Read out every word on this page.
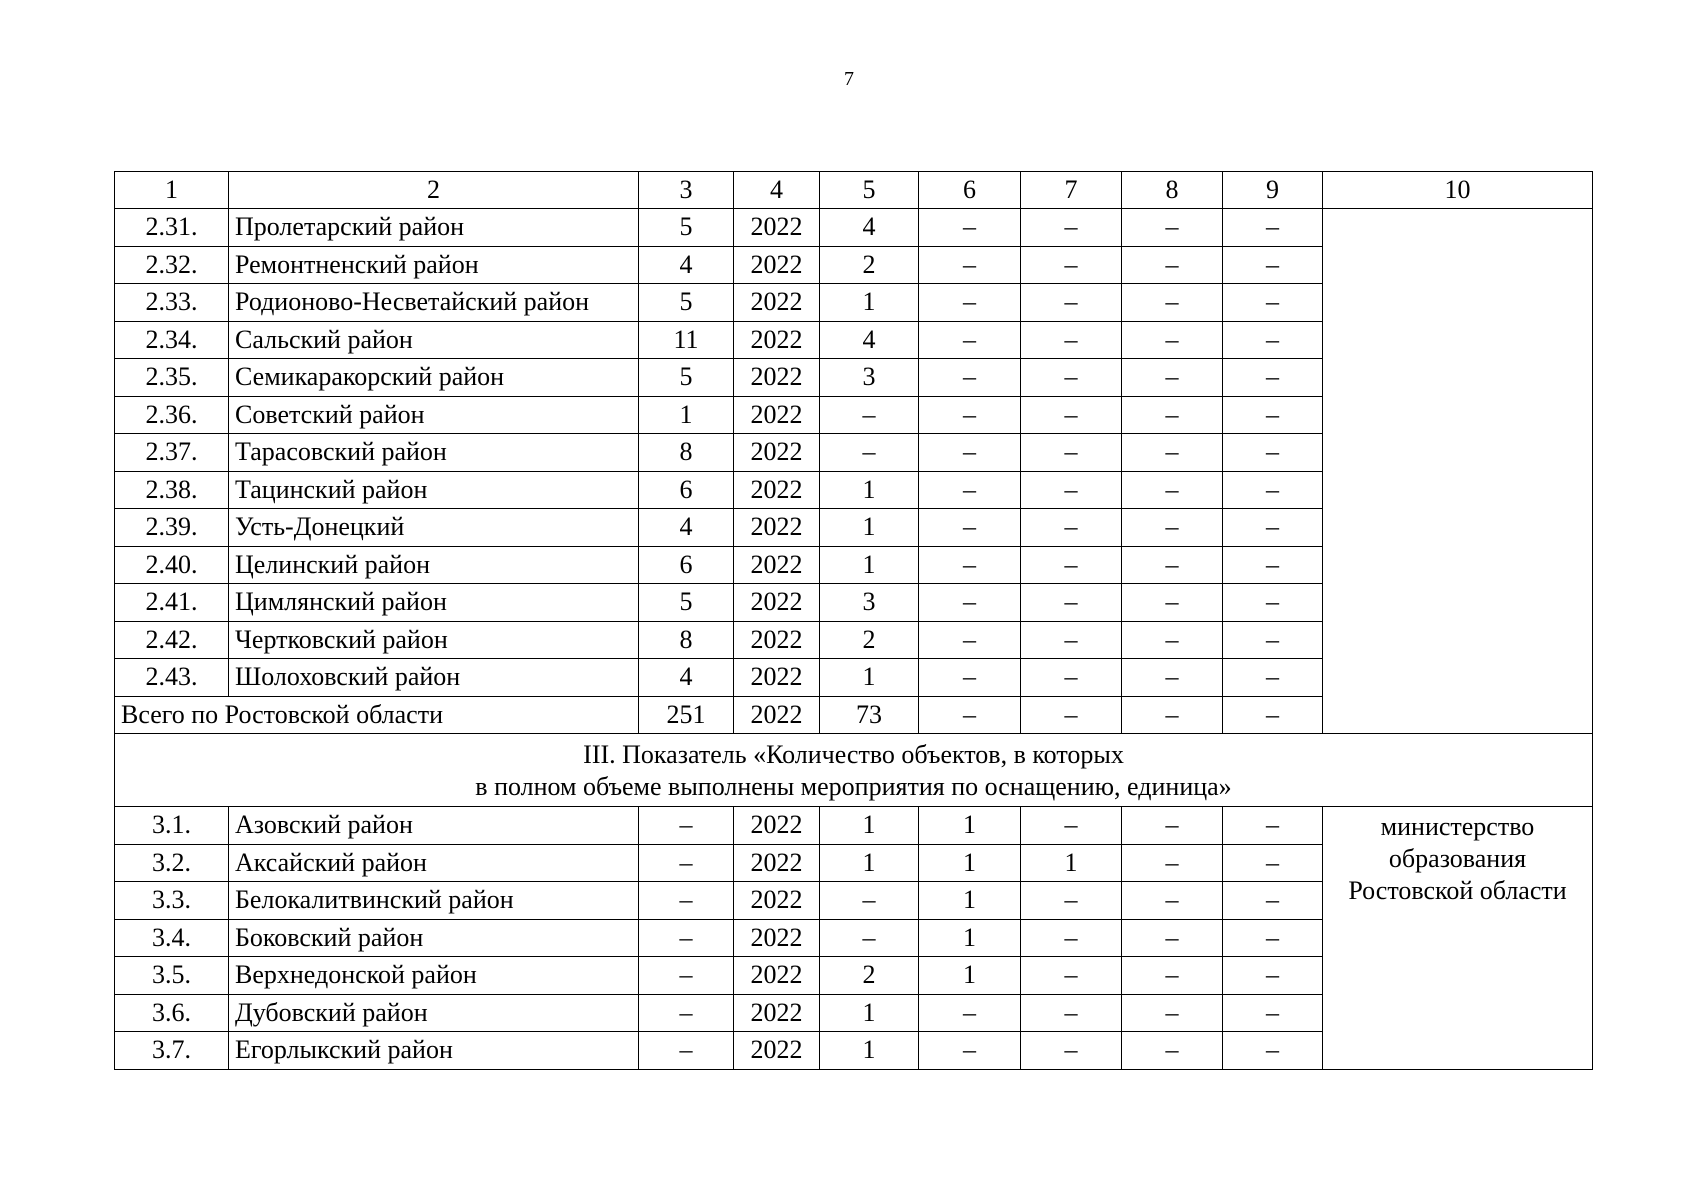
7
1	2	3	4	5	6	7	8	9	10
2.31.	Пролетарский район	5	2022	4	–	–	–	–	
2.32.	Ремонтненский район	4	2022	2	–	–	–	–	
2.33.	Родионово-Несветайский район	5	2022	1	–	–	–	–	
2.34.	Сальский район	11	2022	4	–	–	–	–	
2.35.	Семикаракорский район	5	2022	3	–	–	–	–	
2.36.	Советский район	1	2022	–	–	–	–	–	
2.37.	Тарасовский район	8	2022	–	–	–	–	–	
2.38.	Тацинский район	6	2022	1	–	–	–	–	
2.39.	Усть-Донецкий	4	2022	1	–	–	–	–	
2.40.	Целинский район	6	2022	1	–	–	–	–	
2.41.	Цимлянский район	5	2022	3	–	–	–	–	
2.42.	Чертковский район	8	2022	2	–	–	–	–	
2.43.	Шолоховский район	4	2022	1	–	–	–	–	
Всего по Ростовской области		251	2022	73	–	–	–	–	

III. Показатель «Количество объектов, в которых
в полном объеме выполнены мероприятия по оснащению, единица»									

3.1.	Азовский район	–	2022	1	1	–	–	–	министерство образования Ростовской области
3.2.	Аксайский район	–	2022	1	1	1	–	–	
3.3.	Белокалитвинский район	–	2022	–	1	–	–	–	
3.4.	Боковский район	–	2022	–	1	–	–	–	
3.5.	Верхнедонской район	–	2022	2	1	–	–	–	
3.6.	Дубовский район	–	2022	1	–	–	–	–	
3.7.	Егорлыкский район	–	2022	1	–	–	–	–	
